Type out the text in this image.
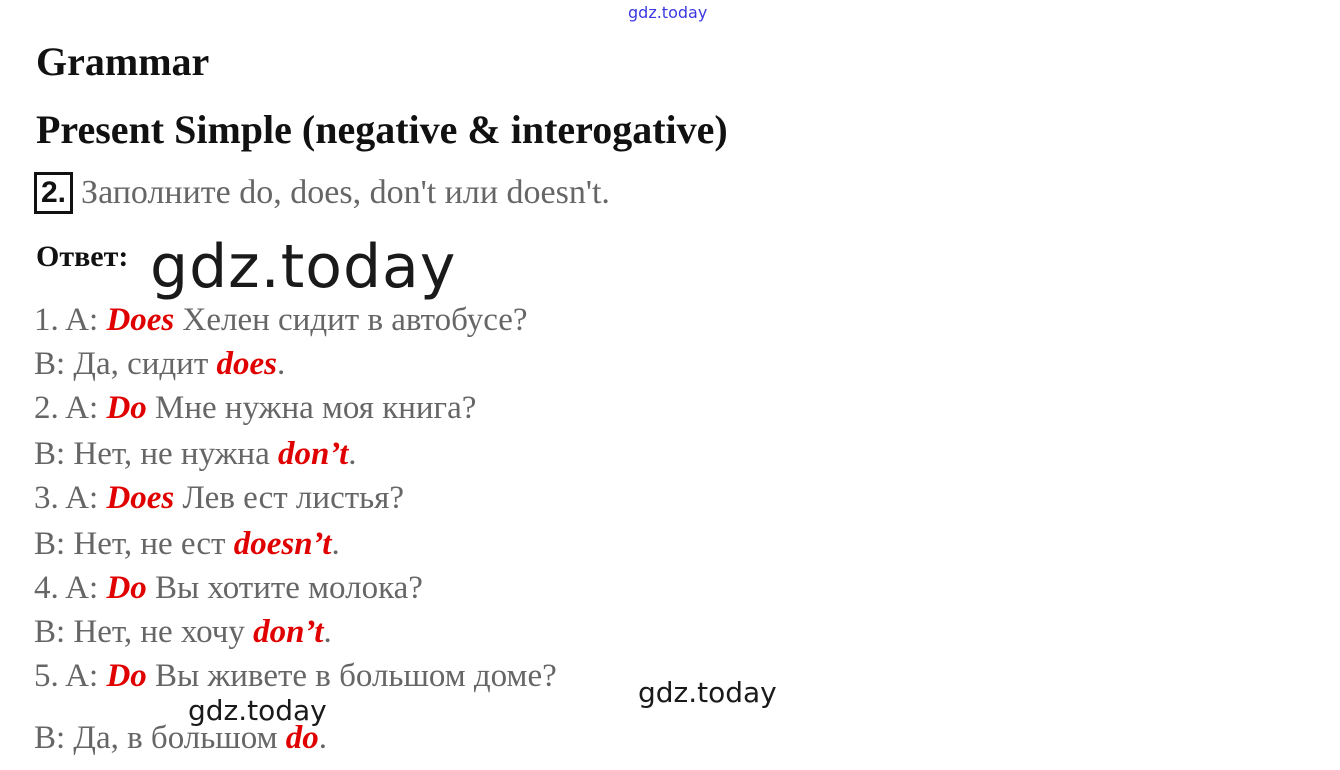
gdz.today
Grammar
Present Simple (negative & interogative)
2. Заполните do, does, don't или doesn't.
Ответ: gdz.today
1. A: Does Хелен сидит в автобусе?
B: Да, сидит does.
2. A: Do Мне нужна моя книга?
B: Нет, не нужна don’t.
3. A: Does Лев ест листья?
B: Нет, не ест doesn’t.
4. A: Do Вы хотите молока?
B: Нет, не хочу don’t.
5. A: Do Вы живете в большом доме?
B: Да, в большом do.
gdz.today
gdz.today
